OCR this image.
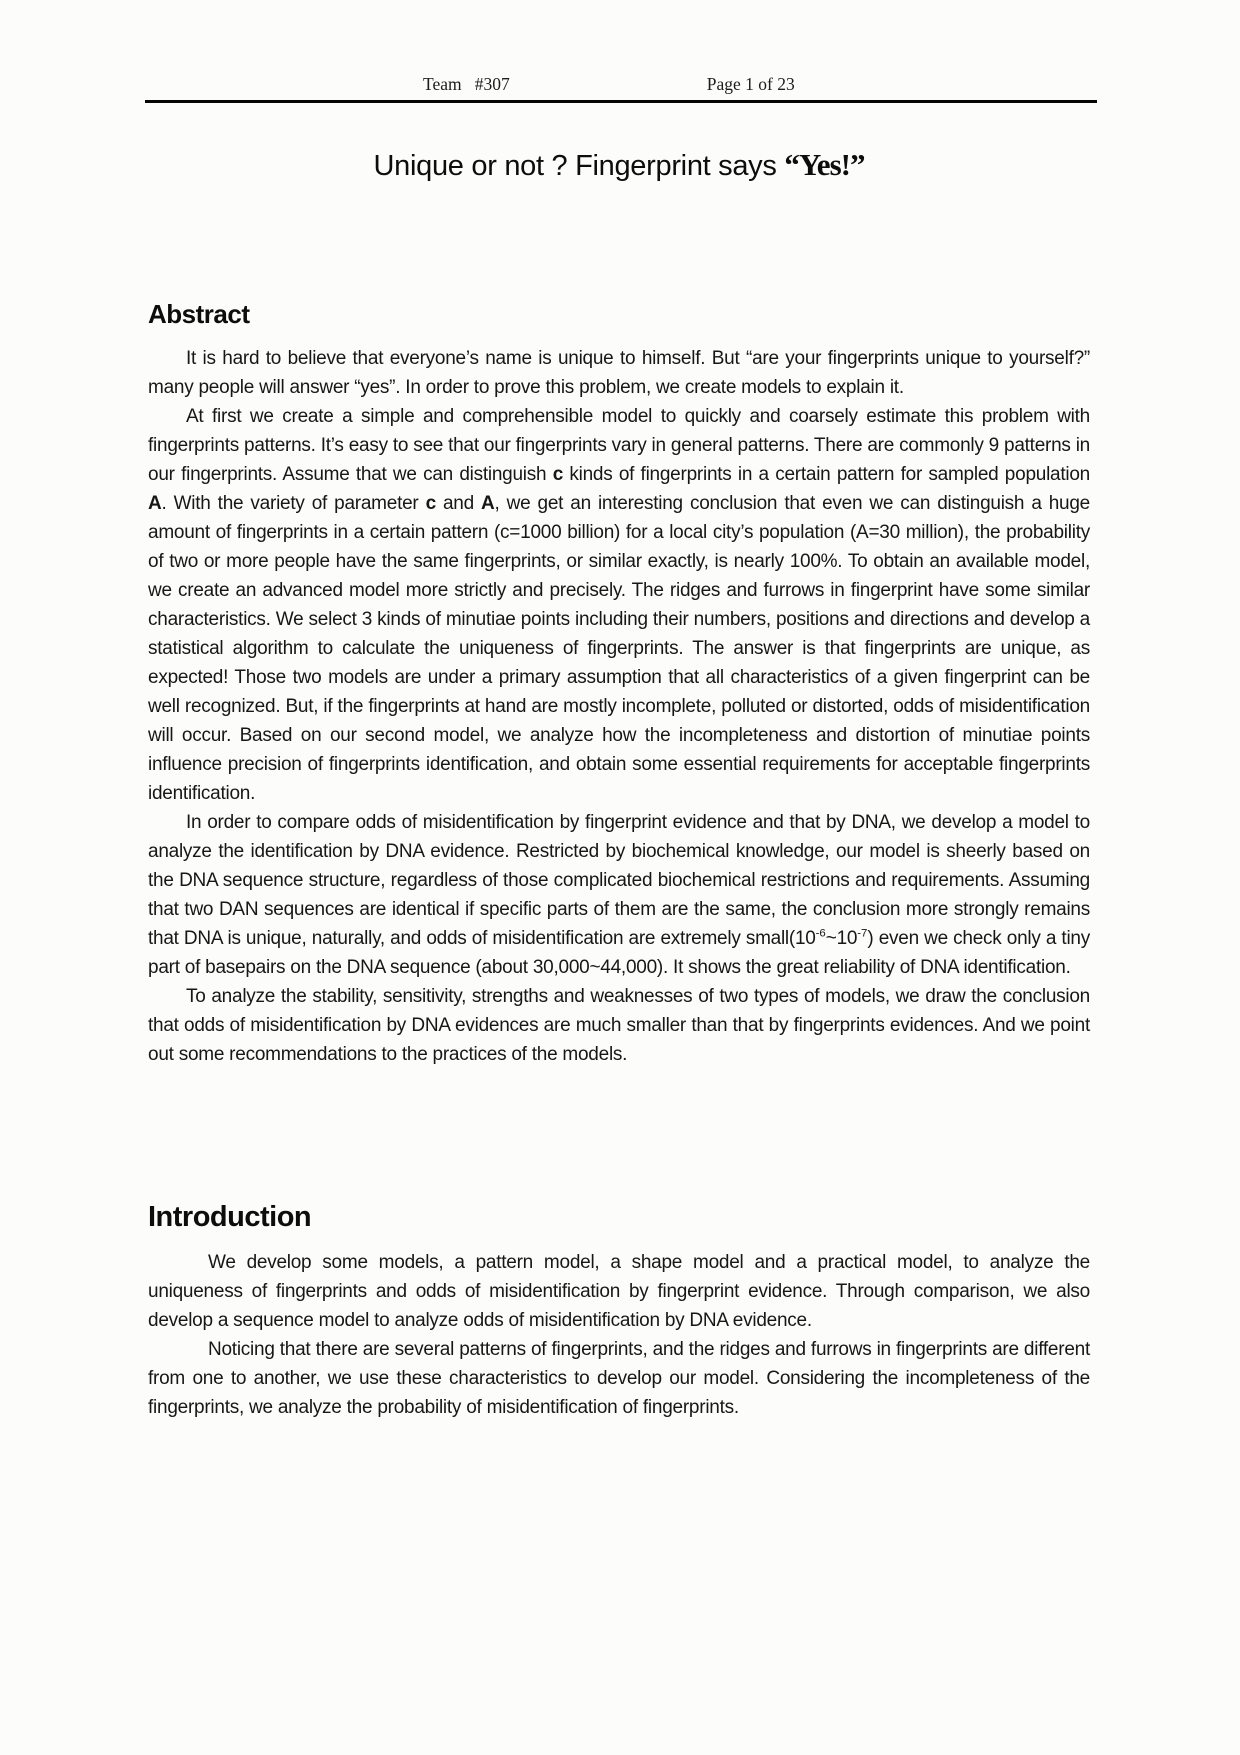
Team   #307	Page 1 of 23
Unique or not ? Fingerprint says “Yes!”
Abstract

It is hard to believe that everyone’s name is unique to himself. But “are your fingerprints unique to yourself?” many people will answer “yes”. In order to prove this problem, we create models to explain it.

At first we create a simple and comprehensible model to quickly and coarsely estimate this problem with fingerprints patterns. It’s easy to see that our fingerprints vary in general patterns. There are commonly 9 patterns in our fingerprints. Assume that we can distinguish c kinds of fingerprints in a certain pattern for sampled population A. With the variety of parameter c and A, we get an interesting conclusion that even we can distinguish a huge amount of fingerprints in a certain pattern (c=1000 billion) for a local city’s population (A=30 million), the probability of two or more people have the same fingerprints, or similar exactly, is nearly 100%. To obtain an available model, we create an advanced model more strictly and precisely. The ridges and furrows in fingerprint have some similar characteristics. We select 3 kinds of minutiae points including their numbers, positions and directions and develop a statistical algorithm to calculate the uniqueness of fingerprints. The answer is that fingerprints are unique, as expected! Those two models are under a primary assumption that all characteristics of a given fingerprint can be well recognized. But, if the fingerprints at hand are mostly incomplete, polluted or distorted, odds of misidentification will occur. Based on our second model, we analyze how the incompleteness and distortion of minutiae points influence precision of fingerprints identification, and obtain some essential requirements for acceptable fingerprints identification.

In order to compare odds of misidentification by fingerprint evidence and that by DNA, we develop a model to analyze the identification by DNA evidence. Restricted by biochemical knowledge, our model is sheerly based on the DNA sequence structure, regardless of those complicated biochemical restrictions and requirements. Assuming that two DAN sequences are identical if specific parts of them are the same, the conclusion more strongly remains that DNA is unique, naturally, and odds of misidentification are extremely $small(10^{-6}\sim 10^{-7})$ even we check only a tiny part of basepairs on the DNA sequence (about 30,000~44,000). It shows the great reliability of DNA identification.

To analyze the stability, sensitivity, strengths and weaknesses of two types of models, we draw the conclusion that odds of misidentification by DNA evidences are much smaller than that by fingerprints evidences. And we point out some recommendations to the practices of the models.

Introduction

We develop some models, a pattern model, a shape model and a practical model, to analyze the uniqueness of fingerprints and odds of misidentification by fingerprint evidence. Through comparison, we also develop a sequence model to analyze odds of misidentification by DNA evidence.

Noticing that there are several patterns of fingerprints, and the ridges and furrows in fingerprints are different from one to another, we use these characteristics to develop our model. Considering the incompleteness of the fingerprints, we analyze the probability of misidentification of fingerprints.
